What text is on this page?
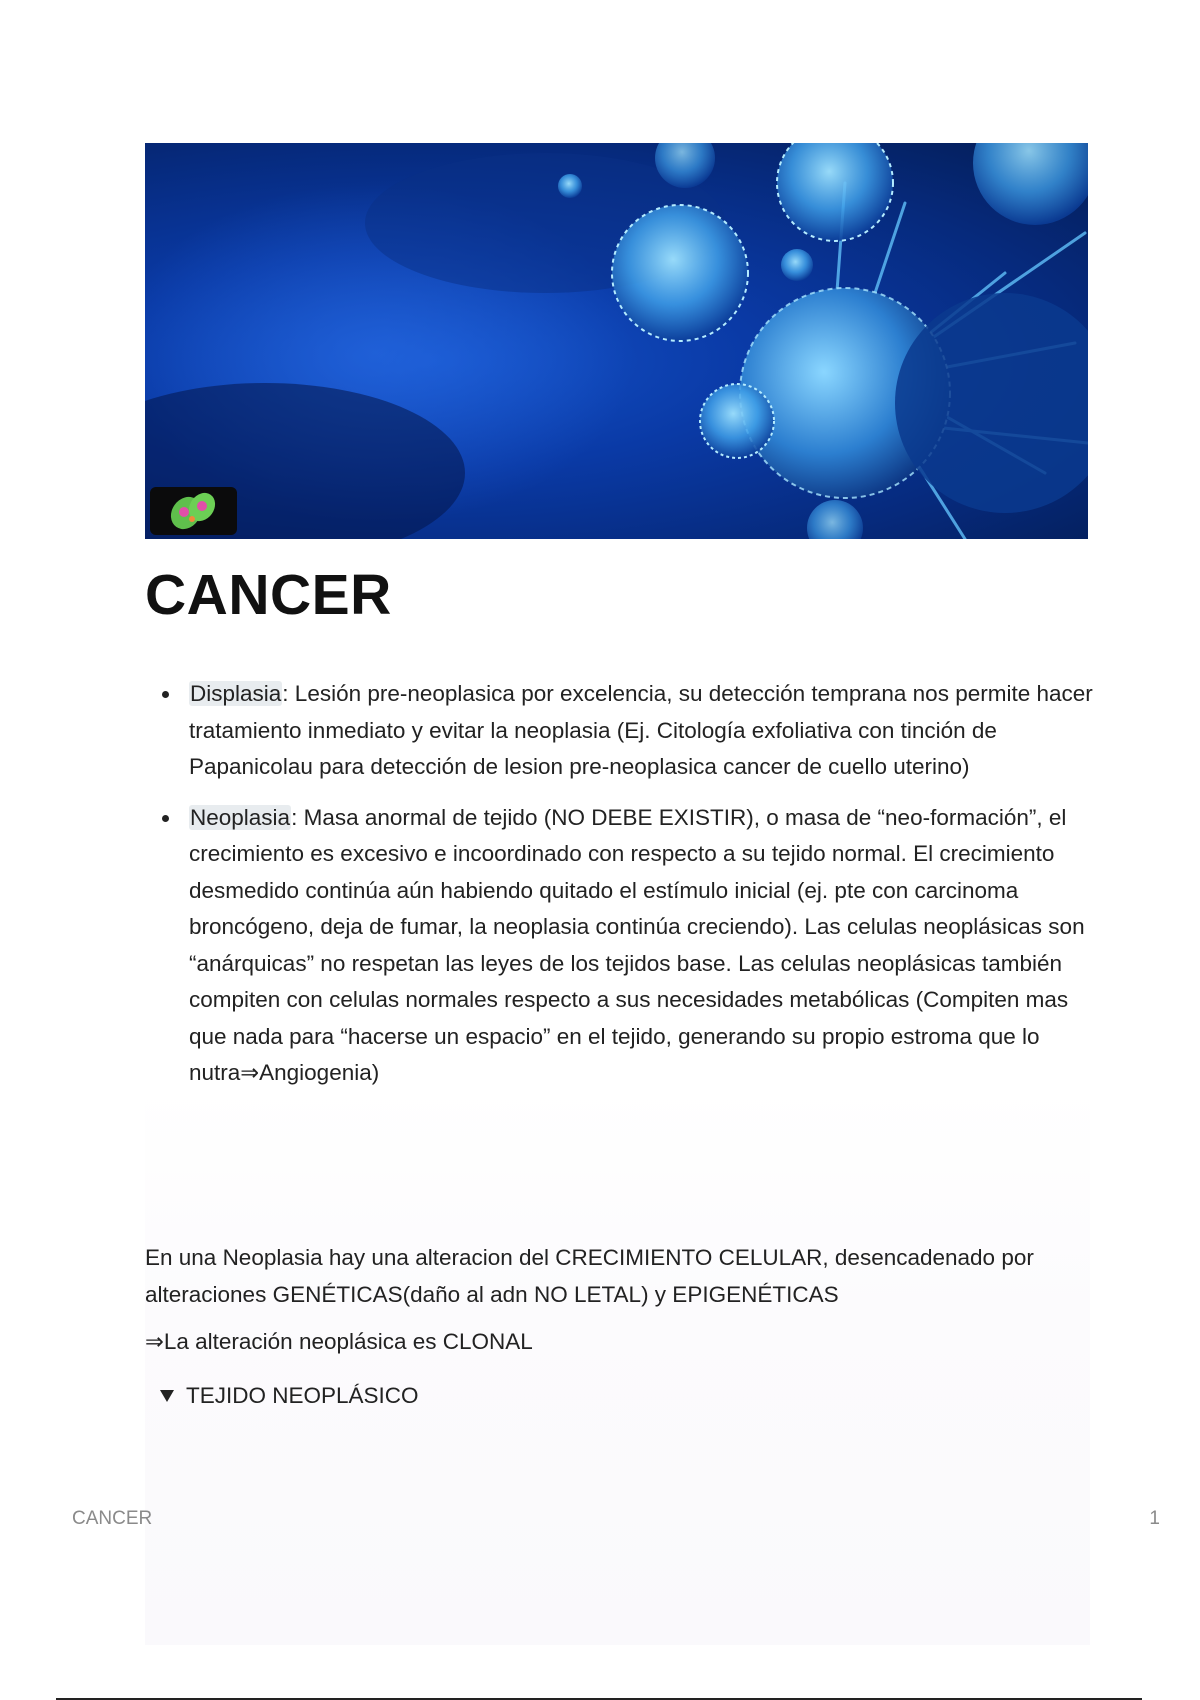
CANCER
Displasia: Lesión pre-neoplasica por excelencia, su detección temprana nos permite hacer tratamiento inmediato y evitar la neoplasia (Ej. Citología exfoliativa con tinción de Papanicolau para detección de lesion pre-neoplasica cancer de cuello uterino)
Neoplasia: Masa anormal de tejido (NO DEBE EXISTIR), o masa de “neo-formación”, el crecimiento es excesivo e incoordinado con respecto a su tejido normal. El crecimiento desmedido continúa aún habiendo quitado el estímulo inicial (ej. pte con carcinoma broncógeno, deja de fumar, la neoplasia continúa creciendo). Las celulas neoplásicas son “anárquicas” no respetan las leyes de los tejidos base. Las celulas neoplásicas también compiten con celulas normales respecto a sus necesidades metabólicas (Compiten mas que nada para “hacerse un espacio” en el tejido, generando su propio estroma que lo nutra⇒Angiogenia)

En una Neoplasia hay una alteracion del CRECIMIENTO CELULAR, desencadenado por alteraciones GENÉTICAS(daño al adn NO LETAL) y EPIGENÉTICAS

⇒La alteración neoplásica es CLONAL

TEJIDO NEOPLÁSICO
CANCER	1
